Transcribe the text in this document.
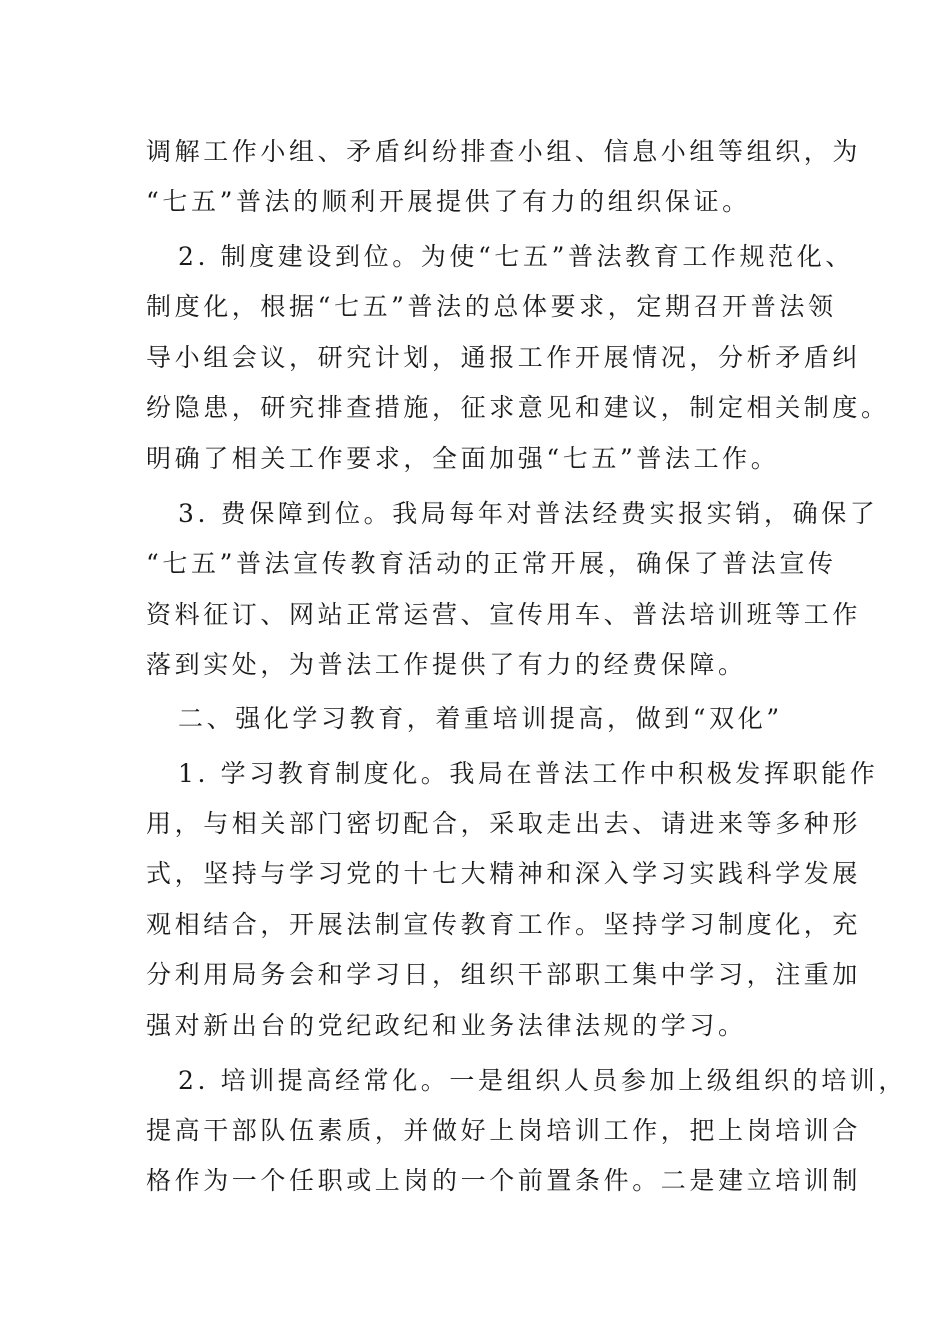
调解工作小组、矛盾纠纷排查小组、信息小组等组织，为
“七五”普法的顺利开展提供了有力的组织保证。
2. 制度建设到位。为使“七五”普法教育工作规范化、
制度化，根据“七五”普法的总体要求，定期召开普法领
导小组会议，研究计划，通报工作开展情况，分析矛盾纠
纷隐患，研究排查措施，征求意见和建议，制定相关制度。
明确了相关工作要求，全面加强“七五”普法工作。
3. 费保障到位。我局每年对普法经费实报实销，确保了
“七五”普法宣传教育活动的正常开展，确保了普法宣传
资料征订、网站正常运营、宣传用车、普法培训班等工作
落到实处，为普法工作提供了有力的经费保障。
二、强化学习教育，着重培训提高，做到“双化”
1. 学习教育制度化。我局在普法工作中积极发挥职能作
用，与相关部门密切配合，采取走出去、请进来等多种形
式，坚持与学习党的十七大精神和深入学习实践科学发展
观相结合，开展法制宣传教育工作。坚持学习制度化，充
分利用局务会和学习日，组织干部职工集中学习，注重加
强对新出台的党纪政纪和业务法律法规的学习。
2. 培训提高经常化。一是组织人员参加上级组织的培训，
提高干部队伍素质，并做好上岗培训工作，把上岗培训合
格作为一个任职或上岗的一个前置条件。二是建立培训制
